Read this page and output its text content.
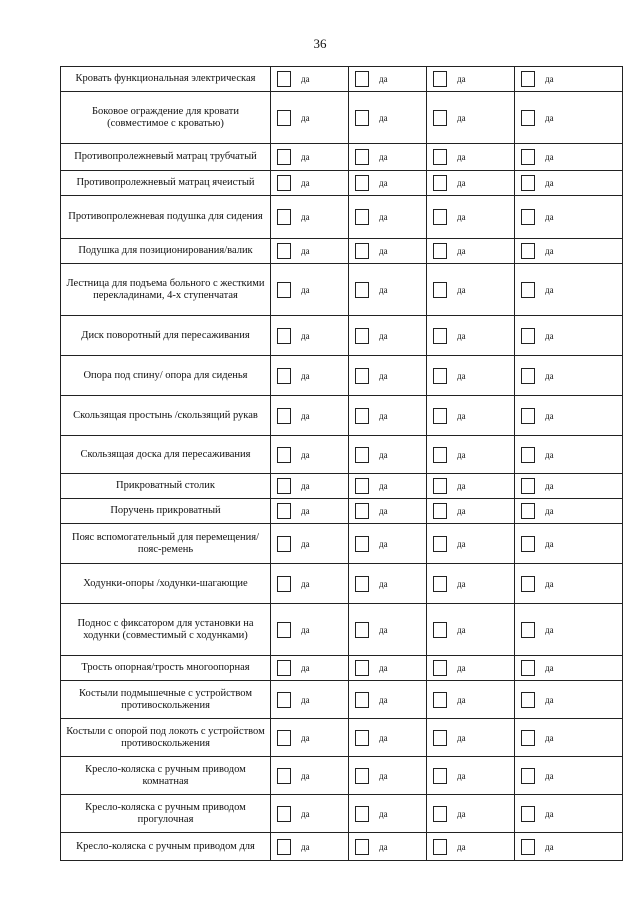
36
Кровать функциональная электрическая	да	да	да	да

Боковое ограждение для кровати (совместимое с кроватью)	да	да	да	да

Противопролежневый матрац трубчатый	да	да	да	да

Противопролежневый матрац ячеистый	да	да	да	да

Противопролежневая подушка для сидения	да	да	да	да

Подушка для позиционирования/валик	да	да	да	да

Лестница для подъема больного с жесткими перекладинами, 4-х ступенчатая	да	да	да	да

Диск поворотный для пересаживания	да	да	да	да

Опора под спину/ опора для сиденья	да	да	да	да

Скользящая простынь /скользящий рукав	да	да	да	да

Скользящая доска для пересаживания	да	да	да	да

Прикроватный столик	да	да	да	да

Поручень прикроватный	да	да	да	да

Пояс вспомогательный для перемещения/пояс-ремень	да	да	да	да

Ходунки-опоры /ходунки-шагающие	да	да	да	да

Поднос с фиксатором для установки на ходунки (совместимый с ходунками)	да	да	да	да

Трость опорная/трость многоопорная	да	да	да	да

Костыли подмышечные с устройством противоскольжения	да	да	да	да

Костыли с опорой под локоть с устройством противоскольжения	да	да	да	да

Кресло-коляска с ручным приводом комнатная	да	да	да	да

Кресло-коляска с ручным приводом прогулочная	да	да	да	да

Кресло-коляска с ручным приводом для	да	да	да	да
